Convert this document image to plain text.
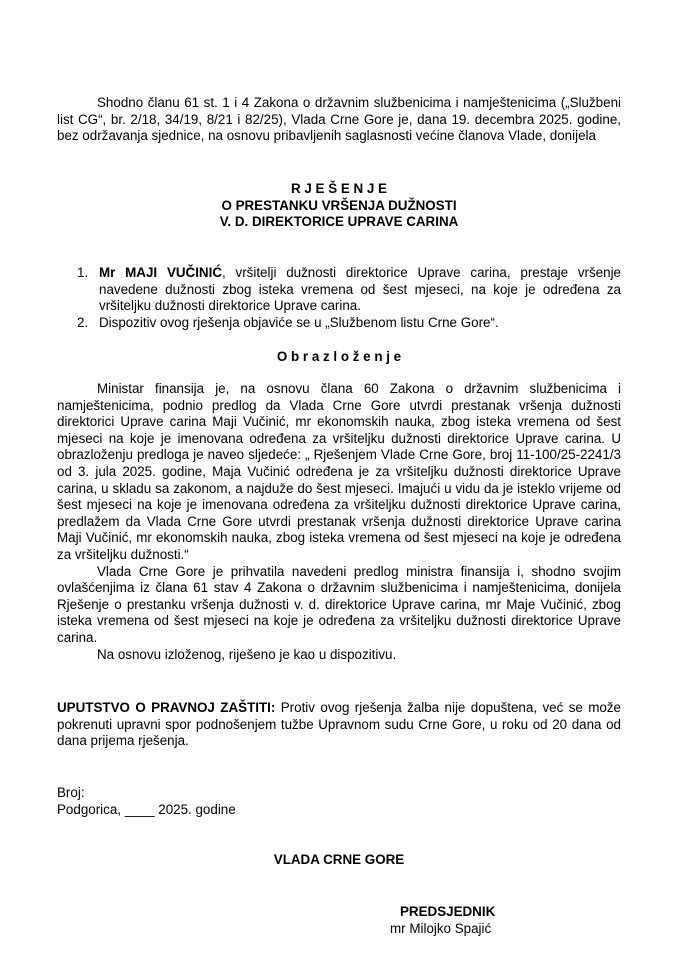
Shodno članu 61 st. 1 i 4 Zakona o državnim službenicima i namještenicima („Službeni list CG“, br. 2/18, 34/19, 8/21 i 82/25), Vlada Crne Gore je, dana 19. decembra 2025. godine, bez održavanja sjednice, na osnovu pribavljenih saglasnosti većine članova Vlade, donijela

R J E Š E N J E

O PRESTANKU VRŠENJA DUŽNOSTI

V. D. DIREKTORICE UPRAVE CARINA

1. Mr MAJI VUČINIĆ, vršitelji dužnosti direktorice Uprave carina, prestaje vršenje navedene dužnosti zbog isteka vremena od šest mjeseci, na koje je određena za vršiteljku dužnosti direktorice Uprave carina.
2. Dispozitiv ovog rješenja objaviće se u „Službenom listu Crne Gore“.

O b r a z l o ž e n j e

Ministar finansija je, na osnovu člana 60 Zakona o državnim službenicima i namještenicima, podnio predlog da Vlada Crne Gore utvrdi prestanak vršenja dužnosti direktorici Uprave carina Maji Vučinić, mr ekonomskih nauka, zbog isteka vremena od šest mjeseci na koje je imenovana određena za vršiteljku dužnosti direktorice Uprave carina. U obrazloženju predloga je naveo sljedeće: „ Rješenjem Vlade Crne Gore, broj 11-100/25-2241/3 od 3. jula 2025. godine, Maja Vučinić određena je za vršiteljku dužnosti direktorice Uprave carina, u skladu sa zakonom, a najduže do šest mjeseci. Imajući u vidu da je isteklo vrijeme od šest mjeseci na koje je imenovana određena za vršiteljku dužnosti direktorice Uprave carina, predlažem da Vlada Crne Gore utvrdi prestanak vršenja dužnosti direktorice Uprave carina Maji Vučinić, mr ekonomskih nauka, zbog isteka vremena od šest mjeseci na koje je određena za vršiteljku dužnosti.“

Vlada Crne Gore je prihvatila navedeni predlog ministra finansija i, shodno svojim ovlašćenjima iz člana 61 stav 4 Zakona o državnim službenicima i namještenicima, donijela Rješenje o prestanku vršenja dužnosti v. d. direktorice Uprave carina, mr Maje Vučinić, zbog isteka vremena od šest mjeseci na koje je određena za vršiteljku dužnosti direktorice Uprave carina.

Na osnovu izloženog, riješeno je kao u dispozitivu.

UPUTSTVO O PRAVNOJ ZAŠTITI: Protiv ovog rješenja žalba nije dopuštena, već se može pokrenuti upravni spor podnošenjem tužbe Upravnom sudu Crne Gore, u roku od 20 dana od dana prijema rješenja.

Broj:

Podgorica, ____ 2025. godine

VLADA CRNE GORE

PREDSJEDNIK

mr Milojko Spajić
